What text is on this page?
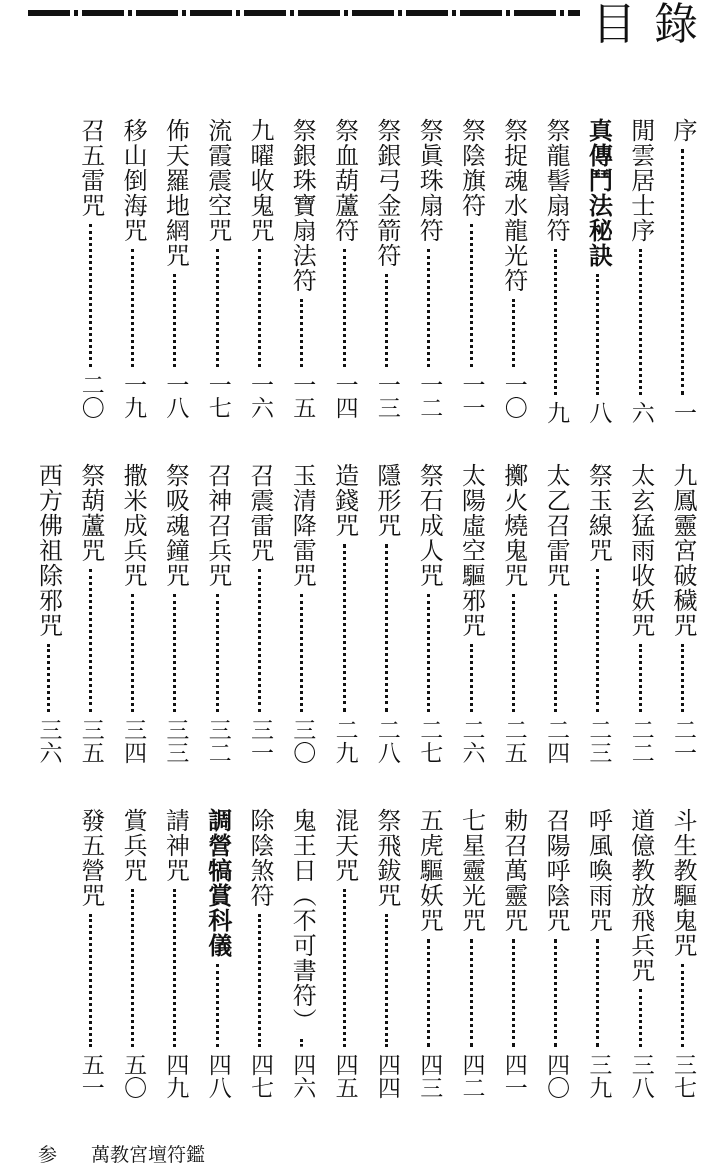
目錄
序
一
閒雲居士序
六
真傳鬥法秘訣
八
祭龍髻扇符
九
祭捉魂水龍光符
一〇
祭陰旗符
一一
祭眞珠扇符
一二
祭銀弓金箭符
一三
祭血葫蘆符
一四
祭銀珠寶扇法符
一五
九曜收鬼咒
一六
流霞震空咒
一七
佈天羅地網咒
一八
移山倒海咒
一九
召五雷咒
二〇
九鳳靈宮破穢咒
二一
太玄猛雨收妖咒
二二
祭玉線咒
二三
太乙召雷咒
二四
擲火燒鬼咒
二五
太陽虛空驅邪咒
二六
祭石成人咒
二七
隱形咒
二八
造錢咒
二九
玉清降雷咒
三〇
召震雷咒
三一
召神召兵咒
三二
祭吸魂鐘咒
三三
撒米成兵咒
三四
祭葫蘆咒
三五
西方佛祖除邪咒
三六
斗生教驅鬼咒
三七
道億教放飛兵咒
三八
呼風喚雨咒
三九
召陽呼陰咒
四〇
勅召萬靈咒
四一
七星靈光咒
四二
五虎驅妖咒
四三
祭飛鈸咒
四四
混天咒
四五
鬼王日（不可書符）
四六
除陰煞符
四七
調營犒賞科儀
四八
請神咒
四九
賞兵咒
五〇
發五營咒
五一
参 萬教宮壇符鑑
